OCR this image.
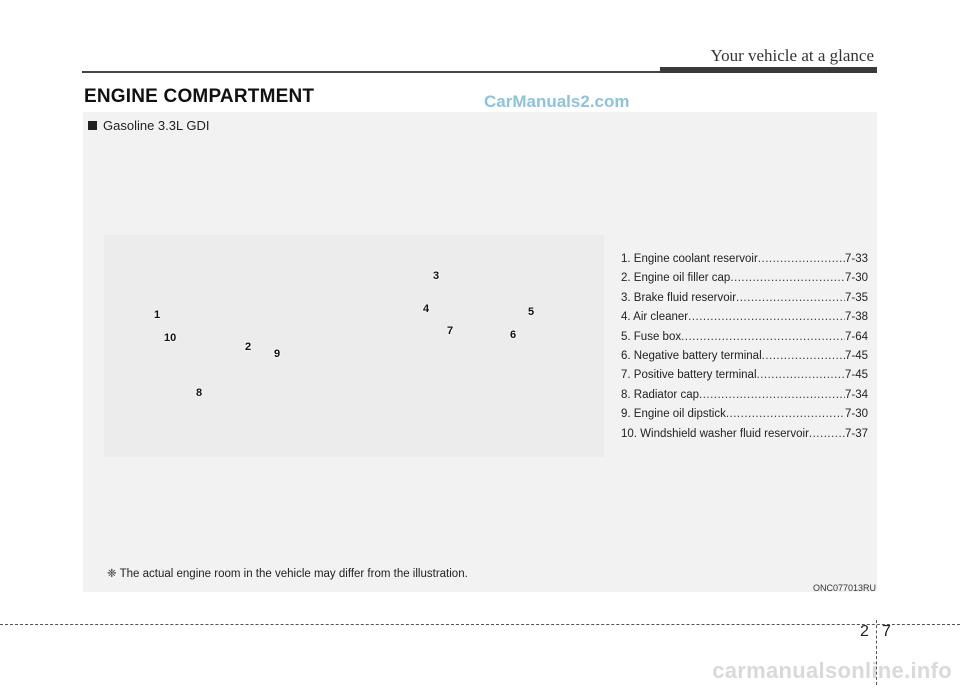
Your vehicle at a glance
ENGINE COMPARTMENT	CarManuals2.com
Gasoline 3.3L GDI
1
10
2
9
8
3
4
7
5
6
1. Engine coolant reservoir .....	7-33
2. Engine oil filler cap .....	7-30
3. Brake fluid reservoir .....	7-35
4. Air cleaner .....	7-38
5. Fuse box .....	7-64
6. Negative battery terminal .....	7-45
7. Positive battery terminal .....	7-45
8. Radiator cap .....	7-34
9. Engine oil dipstick .....	7-30
10. Windshield washer fluid reservoir .....	7-37
❈ The actual engine room in the vehicle may differ from the illustration.
ONC077013RU
2 7
carmanualsonline.info
